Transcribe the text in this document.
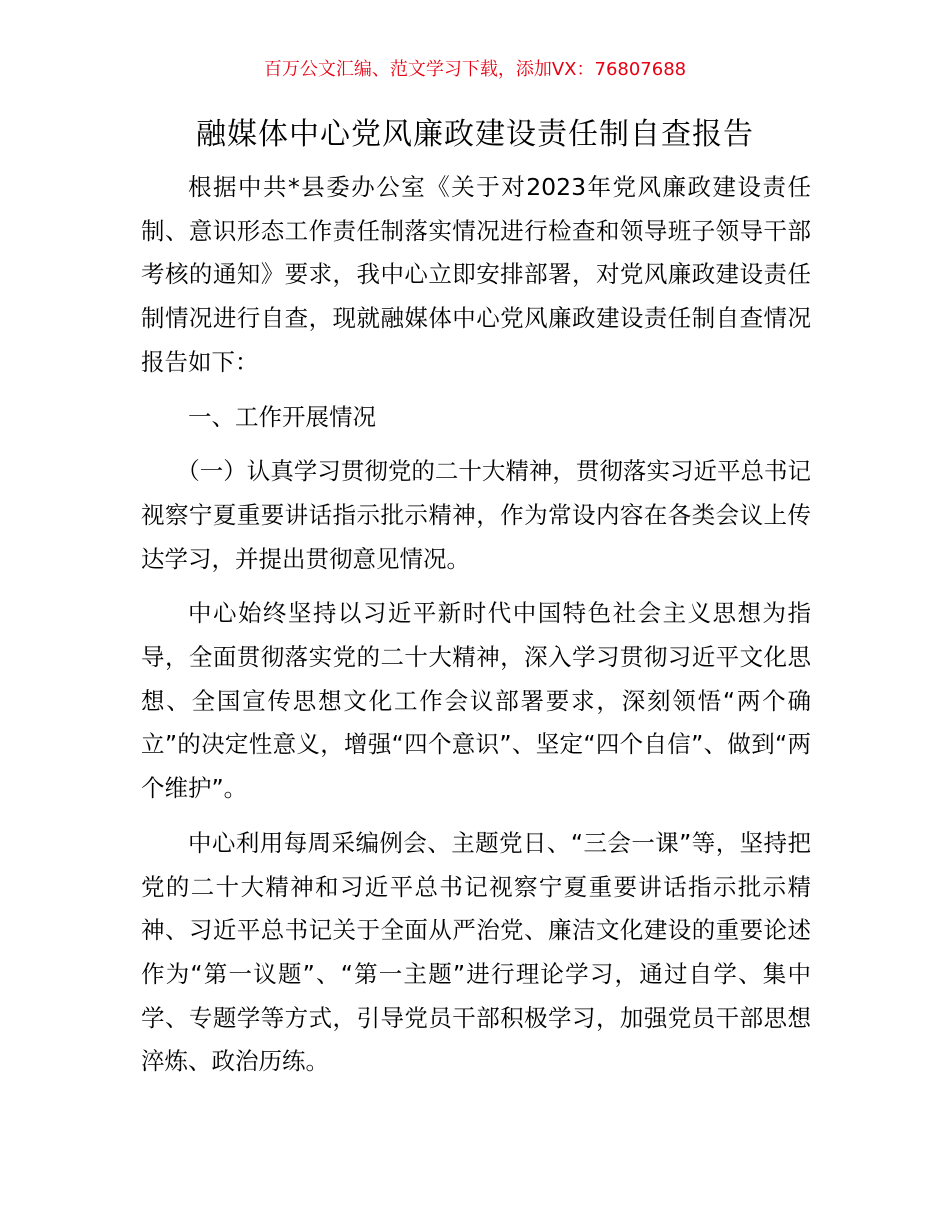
百万公文汇编、范文学习下载，添加VX：76807688
融媒体中心党风廉政建设责任制自查报告

根据中共*县委办公室《关于对2023年党风廉政建设责任制、意识形态工作责任制落实情况进行检查和领导班子领导干部考核的通知》要求，我中心立即安排部署，对党风廉政建设责任制情况进行自查，现就融媒体中心党风廉政建设责任制自查情况报告如下：

一、工作开展情况

（一）认真学习贯彻党的二十大精神，贯彻落实习近平总书记视察宁夏重要讲话指示批示精神，作为常设内容在各类会议上传达学习，并提出贯彻意见情况。

中心始终坚持以习近平新时代中国特色社会主义思想为指导，全面贯彻落实党的二十大精神，深入学习贯彻习近平文化思想、全国宣传思想文化工作会议部署要求，深刻领悟“两个确立”的决定性意义，增强“四个意识”、坚定“四个自信”、做到“两个维护”。

中心利用每周采编例会、主题党日、“三会一课”等，坚持把党的二十大精神和习近平总书记视察宁夏重要讲话指示批示精神、习近平总书记关于全面从严治党、廉洁文化建设的重要论述作为“第一议题”、“第一主题”进行理论学习，通过自学、集中学、专题学等方式，引导党员干部积极学习，加强党员干部思想淬炼、政治历练。
